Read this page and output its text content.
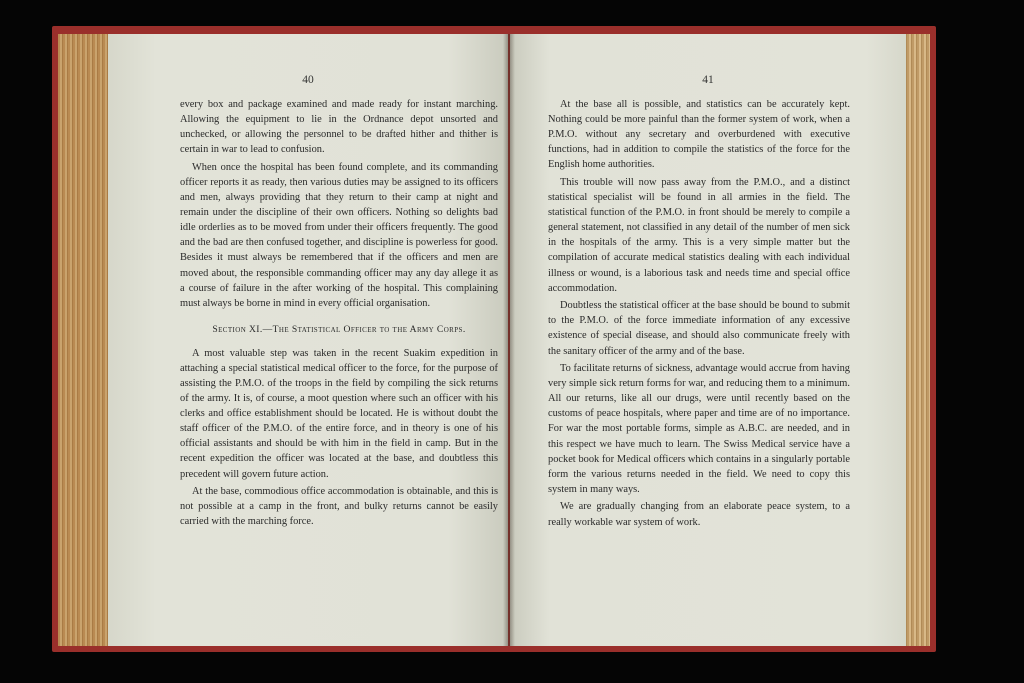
40

every box and package examined and made ready for instant marching. Allowing the equipment to lie in the Ordnance depot unsorted and unchecked, or allowing the personnel to be drafted hither and thither is certain in war to lead to confusion.

When once the hospital has been found complete, and its commanding officer reports it as ready, then various duties may be assigned to its officers and men, always providing that they return to their camp at night and remain under the discipline of their own officers. Nothing so delights bad idle orderlies as to be moved from under their officers frequently. The good and the bad are then confused together, and discipline is powerless for good. Besides it must always be remembered that if the officers and men are moved about, the responsible commanding officer may any day allege it as a course of failure in the after working of the hospital. This complaining must always be borne in mind in every official organisation.

Section XI.—The Statistical Officer to the Army Corps.

A most valuable step was taken in the recent Suakim expedition in attaching a special statistical medical officer to the force, for the purpose of assisting the P.M.O. of the troops in the field by compiling the sick returns of the army. It is, of course, a moot question where such an officer with his clerks and office establishment should be located. He is without doubt the staff officer of the P.M.O. of the entire force, and in theory is one of his official assistants and should be with him in the field in camp. But in the recent expedition the officer was located at the base, and doubtless this precedent will govern future action.

At the base, commodious office accommodation is obtainable, and this is not possible at a camp in the front, and bulky returns cannot be easily carried with the marching force.

41

At the base all is possible, and statistics can be accurately kept. Nothing could be more painful than the former system of work, when a P.M.O. without any secretary and overburdened with executive functions, had in addition to compile the statistics of the force for the English home authorities.

This trouble will now pass away from the P.M.O., and a distinct statistical specialist will be found in all armies in the field. The statistical function of the P.M.O. in front should be merely to compile a general statement, not classified in any detail of the number of men sick in the hospitals of the army. This is a very simple matter but the compilation of accurate medical statistics dealing with each individual illness or wound, is a laborious task and needs time and special office accommodation.

Doubtless the statistical officer at the base should be bound to submit to the P.M.O. of the force immediate information of any excessive existence of special disease, and should also communicate freely with the sanitary officer of the army and of the base.

To facilitate returns of sickness, advantage would accrue from having very simple sick return forms for war, and reducing them to a minimum. All our returns, like all our drugs, were until recently based on the customs of peace hospitals, where paper and time are of no importance. For war the most portable forms, simple as A.B.C. are needed, and in this respect we have much to learn. The Swiss Medical service have a pocket book for Medical officers which contains in a singularly portable form the various returns needed in the field. We need to copy this system in many ways.

We are gradually changing from an elaborate peace system, to a really workable war system of work.
